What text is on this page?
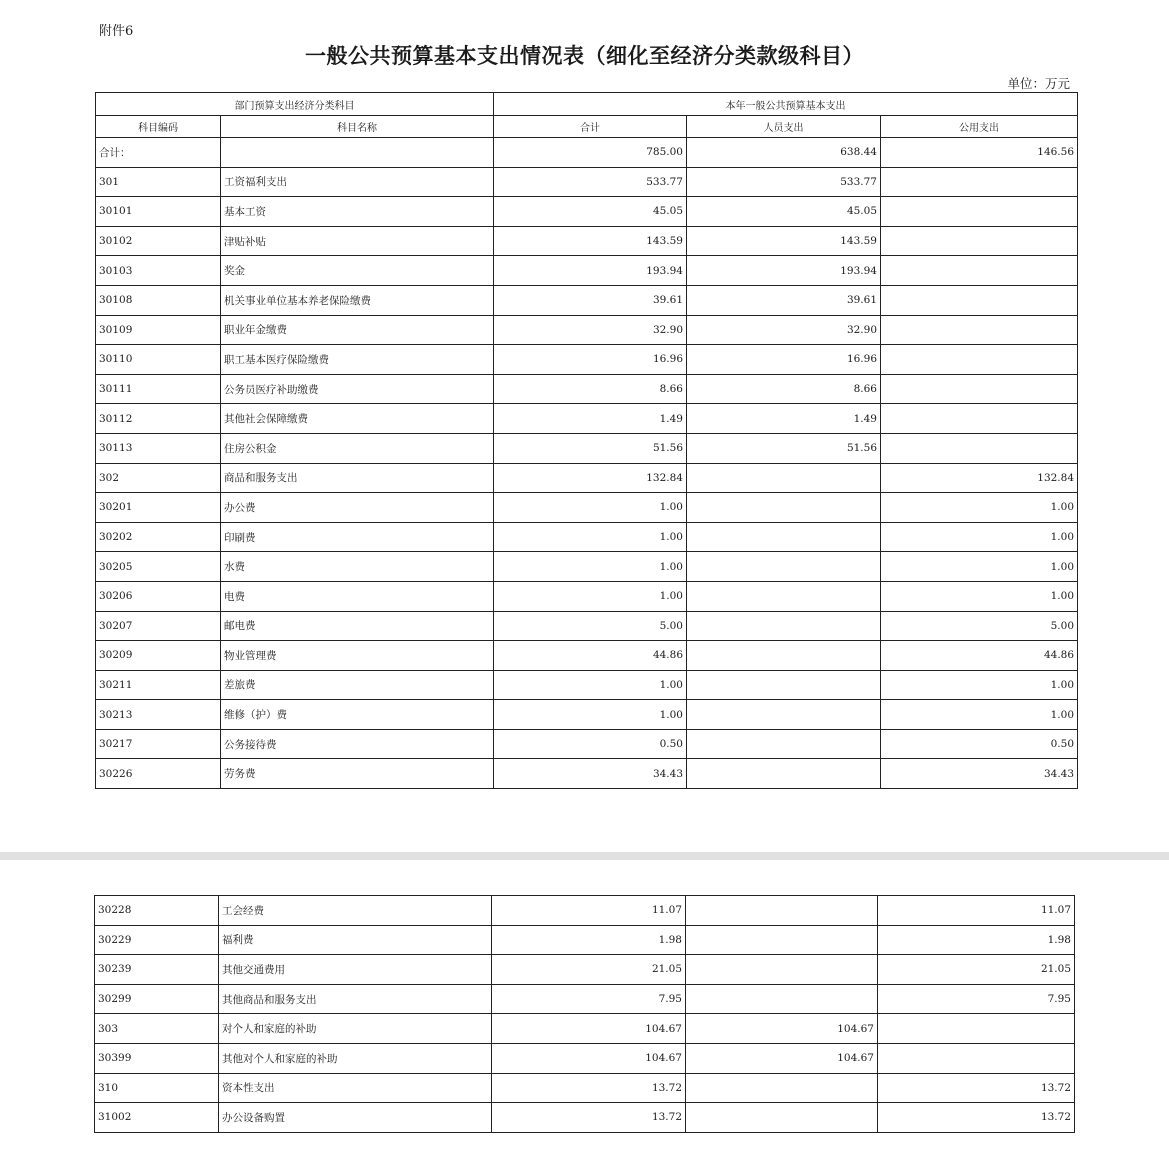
附件6
一般公共预算基本支出情况表（细化至经济分类款级科目）
单位：万元
部门预算支出经济分类科目		本年一般公共预算基本支出		
科目编码	科目名称	合计	人员支出	公用支出
合计：		785.00	638.44	146.56
301	工资福利支出	533.77	533.77	
30101	基本工资	45.05	45.05	
30102	津贴补贴	143.59	143.59	
30103	奖金	193.94	193.94	
30108	机关事业单位基本养老保险缴费	39.61	39.61	
30109	职业年金缴费	32.90	32.90	
30110	职工基本医疗保险缴费	16.96	16.96	
30111	公务员医疗补助缴费	8.66	8.66	
30112	其他社会保障缴费	1.49	1.49	
30113	住房公积金	51.56	51.56	
302	商品和服务支出	132.84		132.84
30201	办公费	1.00		1.00
30202	印刷费	1.00		1.00
30205	水费	1.00		1.00
30206	电费	1.00		1.00
30207	邮电费	5.00		5.00
30209	物业管理费	44.86		44.86
30211	差旅费	1.00		1.00
30213	维修（护）费	1.00		1.00
30217	公务接待费	0.50		0.50
30226	劳务费	34.43		34.43
30228	工会经费	11.07		11.07
30229	福利费	1.98		1.98
30239	其他交通费用	21.05		21.05
30299	其他商品和服务支出	7.95		7.95
303	对个人和家庭的补助	104.67	104.67	
30399	其他对个人和家庭的补助	104.67	104.67	
310	资本性支出	13.72		13.72
31002	办公设备购置	13.72		13.72
